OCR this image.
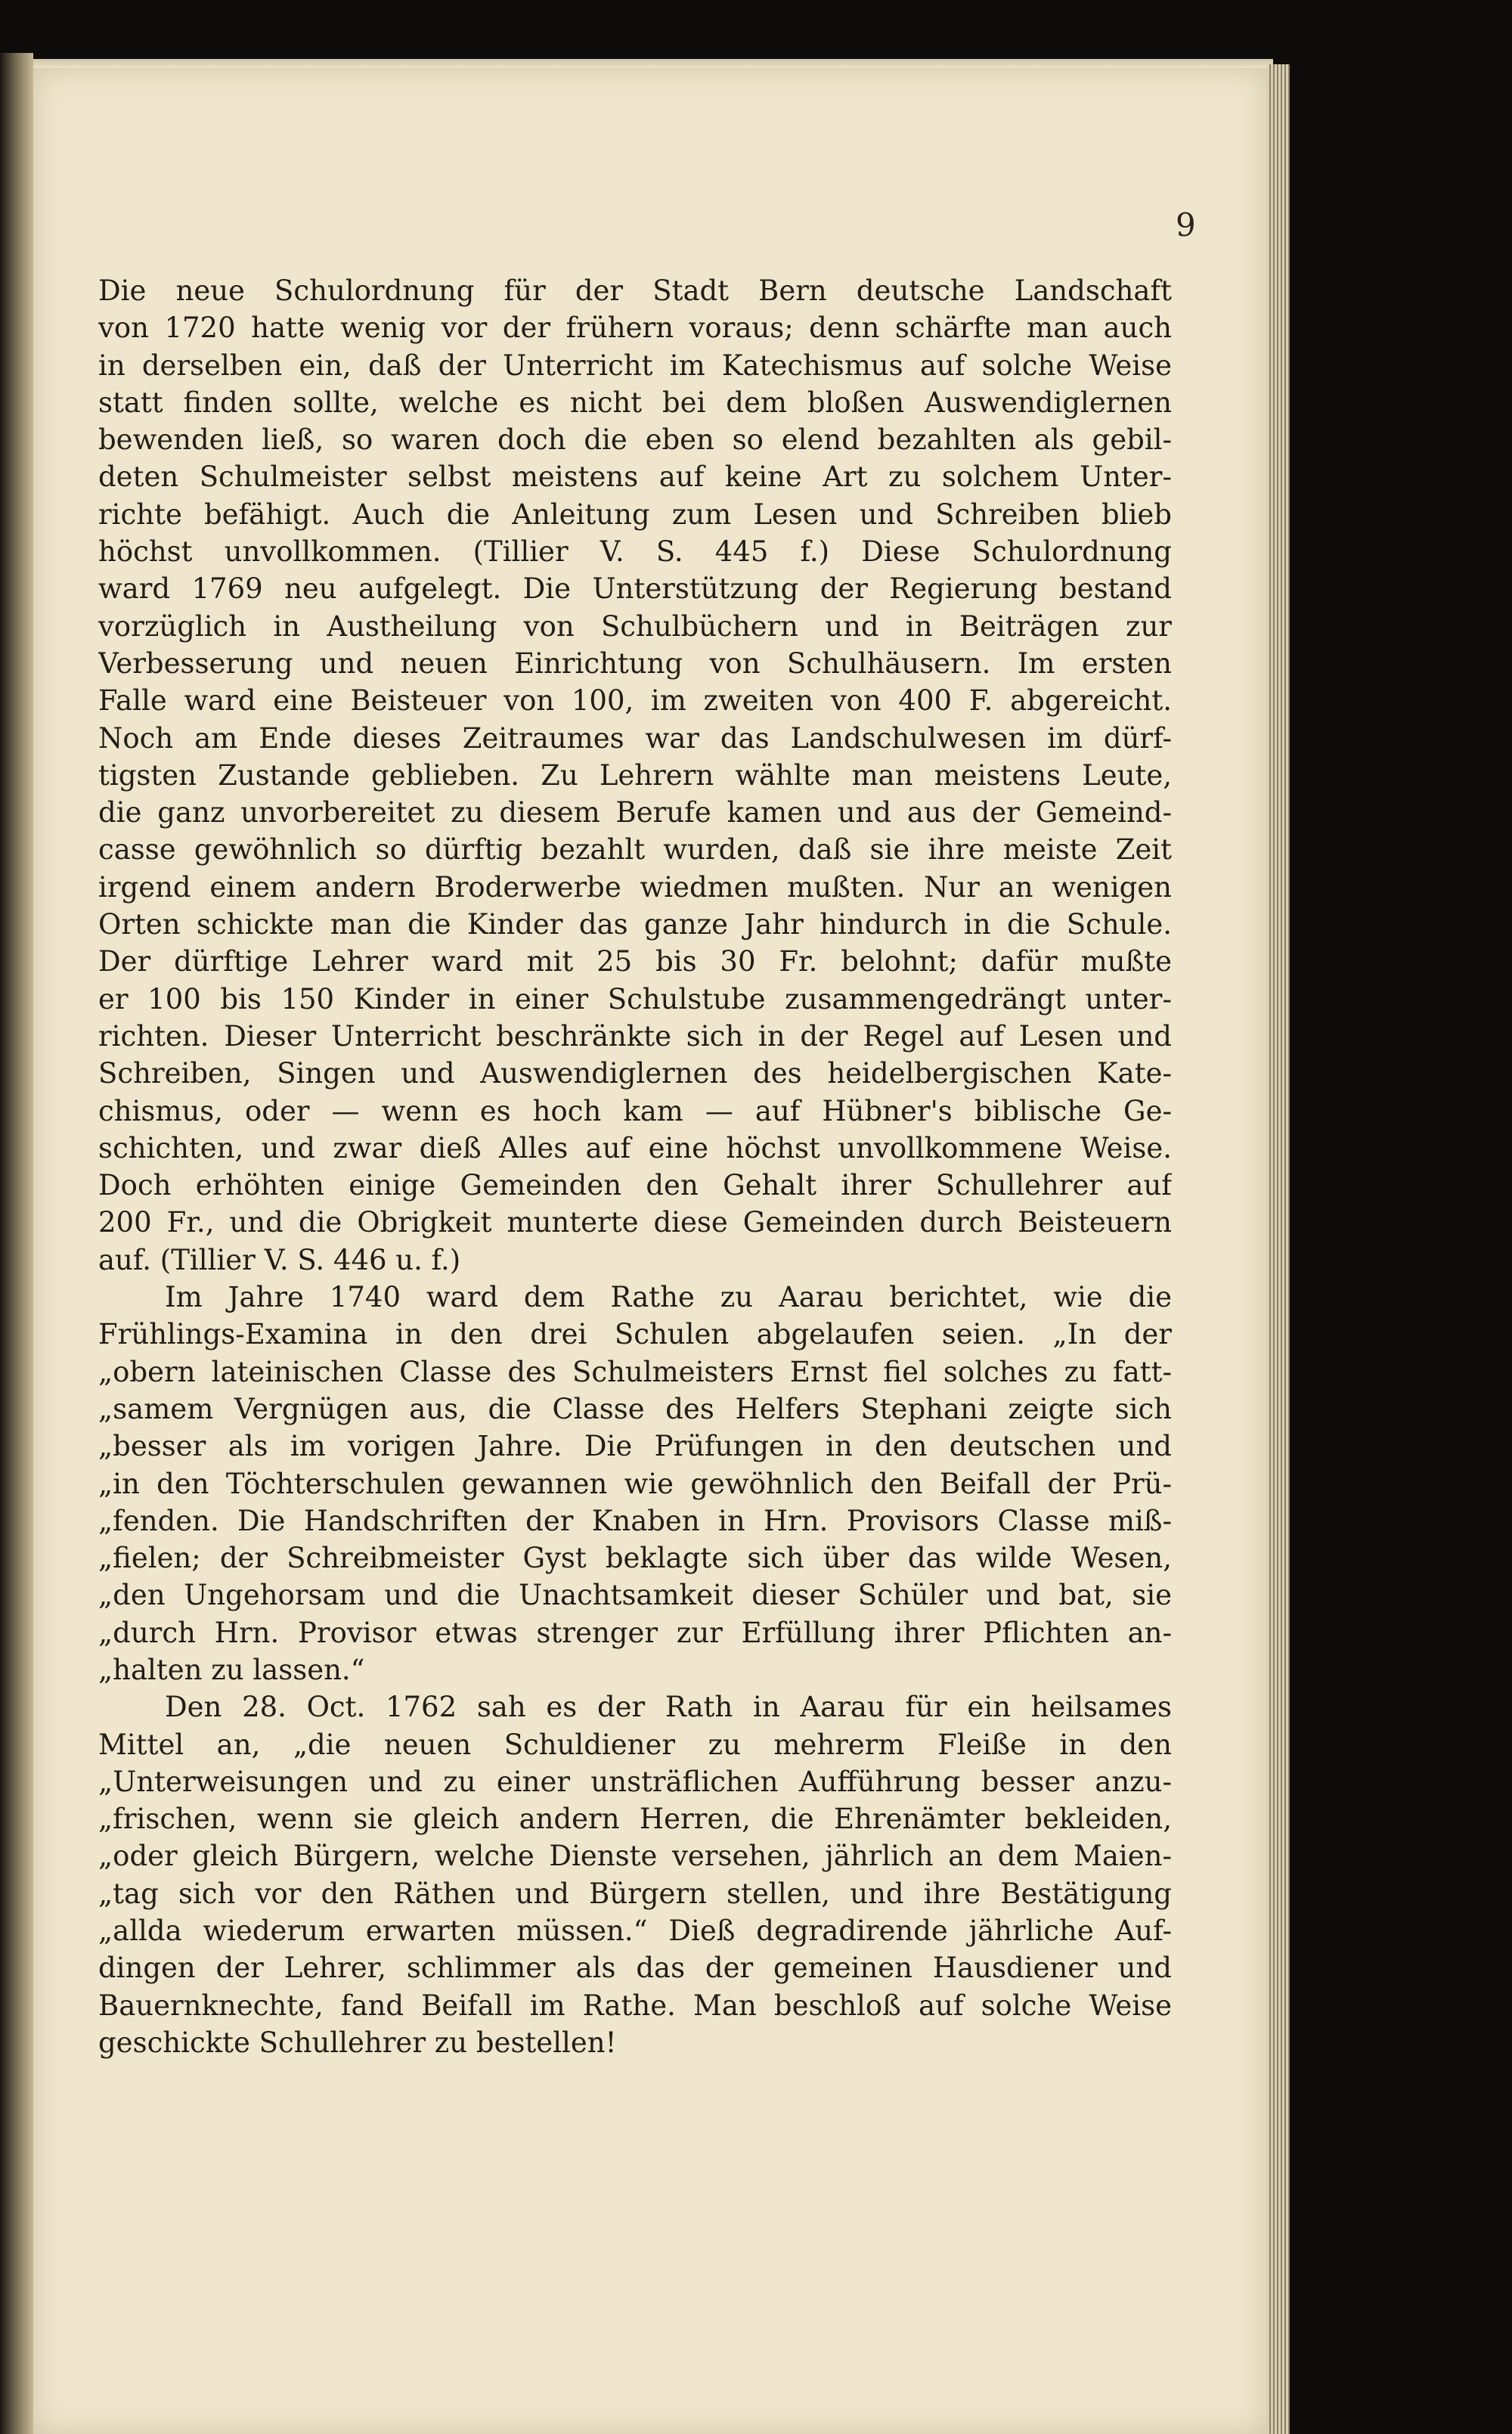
9
Die neue Schulordnung für der Stadt Bern deutsche Landschaft
von 1720 hatte wenig vor der frühern voraus; denn schärfte man auch
in derselben ein, daß der Unterricht im Katechismus auf solche Weise
statt finden sollte, welche es nicht bei dem bloßen Auswendiglernen
bewenden ließ, so waren doch die eben so elend bezahlten als gebil-
deten Schulmeister selbst meistens auf keine Art zu solchem Unter-
richte befähigt. Auch die Anleitung zum Lesen und Schreiben blieb
höchst unvollkommen. (Tillier V. S. 445 f.) Diese Schulordnung
ward 1769 neu aufgelegt. Die Unterstützung der Regierung bestand
vorzüglich in Austheilung von Schulbüchern und in Beiträgen zur
Verbesserung und neuen Einrichtung von Schulhäusern. Im ersten
Falle ward eine Beisteuer von 100, im zweiten von 400 F. abgereicht.
Noch am Ende dieses Zeitraumes war das Landschulwesen im dürf-
tigsten Zustande geblieben. Zu Lehrern wählte man meistens Leute,
die ganz unvorbereitet zu diesem Berufe kamen und aus der Gemeind-
casse gewöhnlich so dürftig bezahlt wurden, daß sie ihre meiste Zeit
irgend einem andern Broderwerbe wiedmen mußten. Nur an wenigen
Orten schickte man die Kinder das ganze Jahr hindurch in die Schule.
Der dürftige Lehrer ward mit 25 bis 30 Fr. belohnt; dafür mußte
er 100 bis 150 Kinder in einer Schulstube zusammengedrängt unter-
richten. Dieser Unterricht beschränkte sich in der Regel auf Lesen und
Schreiben, Singen und Auswendiglernen des heidelbergischen Kate-
chismus, oder — wenn es hoch kam — auf Hübner's biblische Ge-
schichten, und zwar dieß Alles auf eine höchst unvollkommene Weise.
Doch erhöhten einige Gemeinden den Gehalt ihrer Schullehrer auf
200 Fr., und die Obrigkeit munterte diese Gemeinden durch Beisteuern
auf. (Tillier V. S. 446 u. f.)
Im Jahre 1740 ward dem Rathe zu Aarau berichtet, wie die
Frühlings-Examina in den drei Schulen abgelaufen seien. „In der
„obern lateinischen Classe des Schulmeisters Ernst fiel solches zu fatt-
„samem Vergnügen aus, die Classe des Helfers Stephani zeigte sich
„besser als im vorigen Jahre. Die Prüfungen in den deutschen und
„in den Töchterschulen gewannen wie gewöhnlich den Beifall der Prü-
„fenden. Die Handschriften der Knaben in Hrn. Provisors Classe miß-
„fielen; der Schreibmeister Gyst beklagte sich über das wilde Wesen,
„den Ungehorsam und die Unachtsamkeit dieser Schüler und bat, sie
„durch Hrn. Provisor etwas strenger zur Erfüllung ihrer Pflichten an-
„halten zu lassen.“
Den 28. Oct. 1762 sah es der Rath in Aarau für ein heilsames
Mittel an, „die neuen Schuldiener zu mehrerm Fleiße in den
„Unterweisungen und zu einer unsträflichen Aufführung besser anzu-
„frischen, wenn sie gleich andern Herren, die Ehrenämter bekleiden,
„oder gleich Bürgern, welche Dienste versehen, jährlich an dem Maien-
„tag sich vor den Räthen und Bürgern stellen, und ihre Bestätigung
„allda wiederum erwarten müssen.“ Dieß degradirende jährliche Auf-
dingen der Lehrer, schlimmer als das der gemeinen Hausdiener und
Bauernknechte, fand Beifall im Rathe. Man beschloß auf solche Weise
geschickte Schullehrer zu bestellen!
